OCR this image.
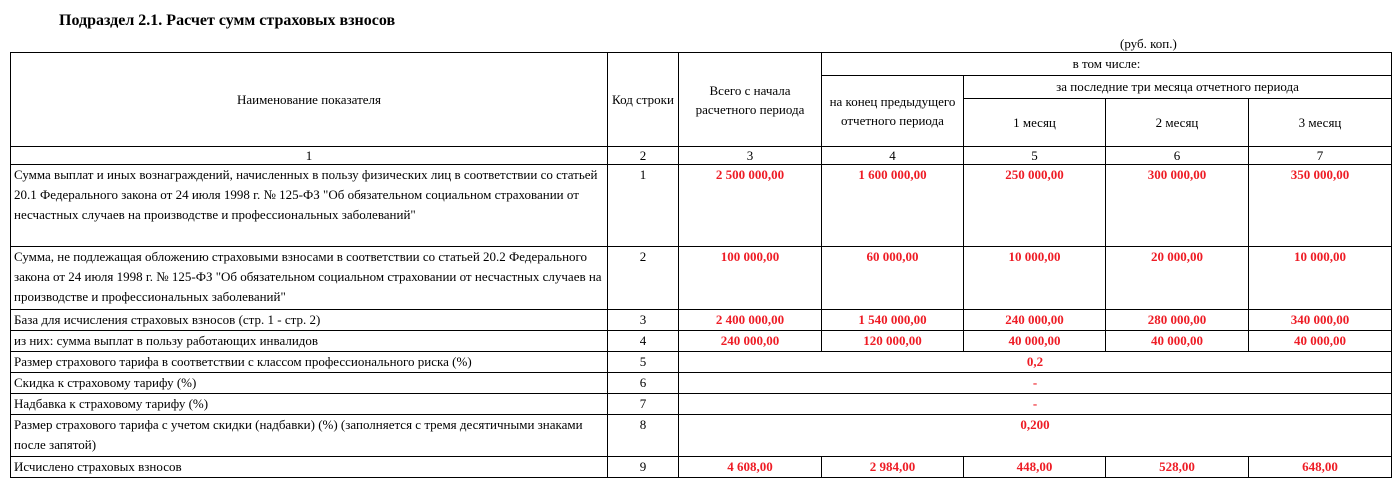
Подраздел 2.1. Расчет сумм страховых взносов
(руб. коп.)
Наименование показателя	Код строки	Всего с начала расчетного периода	в том числе:			
			на конец предыдущего отчетного периода	за последние три месяца отчетного периода		
				1 месяц	2 месяц	3 месяц
1	2	3	4	5	6	7
Сумма выплат и иных вознаграждений, начисленных в пользу физических лиц в соответствии со статьей 20.1 Федерального закона от 24 июля 1998 г. № 125-ФЗ "Об обязательном социальном страховании от несчастных случаев на производстве и профессиональных заболеваний"	1	2 500 000,00	1 600 000,00	250 000,00	300 000,00	350 000,00
Сумма, не подлежащая обложению страховыми взносами в соответствии со статьей 20.2 Федерального закона от 24 июля 1998 г. № 125-ФЗ "Об обязательном социальном страховании от несчастных случаев на производстве и профессиональных заболеваний"	2	100 000,00	60 000,00	10 000,00	20 000,00	10 000,00
База для исчисления страховых взносов (стр. 1 - стр. 2)	3	2 400 000,00	1 540 000,00	240 000,00	280 000,00	340 000,00
из них: сумма выплат в пользу работающих инвалидов	4	240 000,00	120 000,00	40 000,00	40 000,00	40 000,00
Размер страхового тарифа в соответствии с классом профессионального риска (%)	5	0,2				
Скидка к страховому тарифу (%)	6	-				
Надбавка к страховому тарифу (%)	7	-				
Размер страхового тарифа с учетом скидки (надбавки) (%) (заполняется с тремя десятичными знаками после запятой)	8	0,200				
Исчислено страховых взносов	9	4 608,00	2 984,00	448,00	528,00	648,00
